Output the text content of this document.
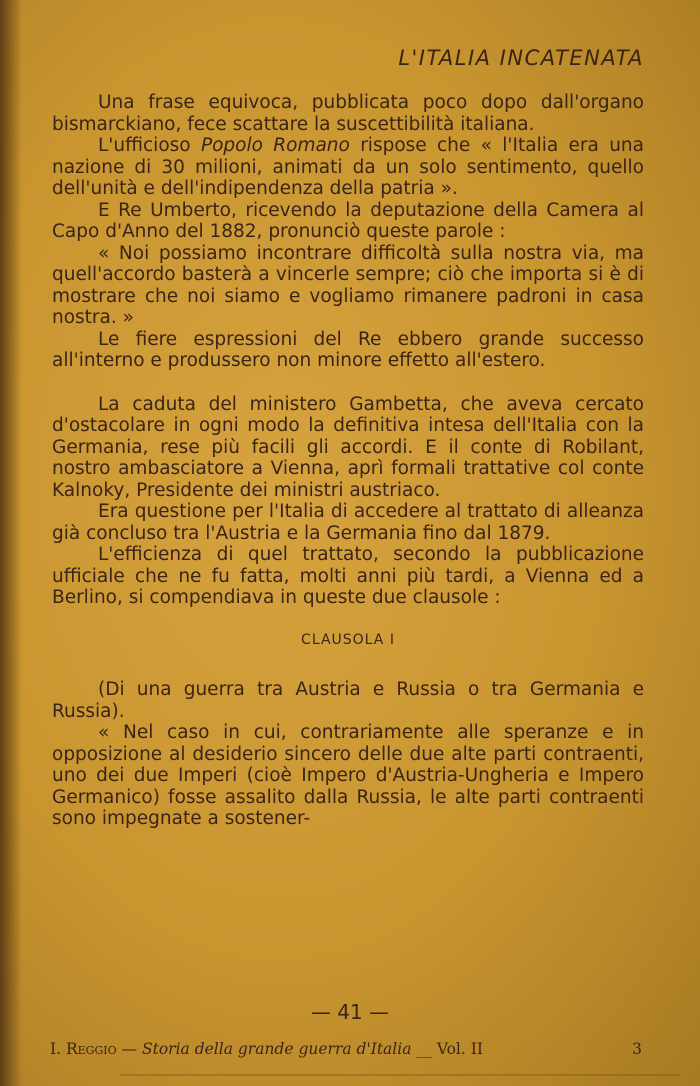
L'ITALIA INCATENATA

Una frase equivoca, pubblicata poco dopo dall'organo bismarckiano, fece scattare la suscettibilità italiana.

L'ufficioso Popolo Romano rispose che « l'Italia era una nazione di 30 milioni, animati da un solo sentimento, quello dell'unità e dell'indipendenza della patria ».

E Re Umberto, ricevendo la deputazione della Camera al Capo d'Anno del 1882, pronunciò queste parole :

« Noi possiamo incontrare difficoltà sulla nostra via, ma quell'accordo basterà a vincerle sempre; ciò che importa si è di mostrare che noi siamo e vogliamo rimanere padroni in casa nostra. »

Le fiere espressioni del Re ebbero grande successo all'interno e produssero non minore effetto all'estero.

La caduta del ministero Gambetta, che aveva cercato d'ostacolare in ogni modo la definitiva intesa dell'Italia con la Germania, rese più facili gli accordi. E il conte di Robilant, nostro ambasciatore a Vienna, aprì formali trattative col conte Kalnoky, Presidente dei ministri austriaco.

Era questione per l'Italia di accedere al trattato di alleanza già concluso tra l'Austria e la Germania fino dal 1879.

L'efficienza di quel trattato, secondo la pubblicazione ufficiale che ne fu fatta, molti anni più tardi, a Vienna ed a Berlino, si compendiava in queste due clausole :

CLAUSOLA I

(Di una guerra tra Austria e Russia o tra Germania e Russia).

« Nel caso in cui, contrariamente alle speranze e in opposizione al desiderio sincero delle due alte parti contraenti, uno dei due Imperi (cioè Impero d'Austria-Ungheria e Impero Germanico) fosse assalito dalla Russia, le alte parti contraenti sono impegnate a sostener-

— 41 —
I. Reggio — Storia della grande guerra d'Italia __ Vol. II	3
